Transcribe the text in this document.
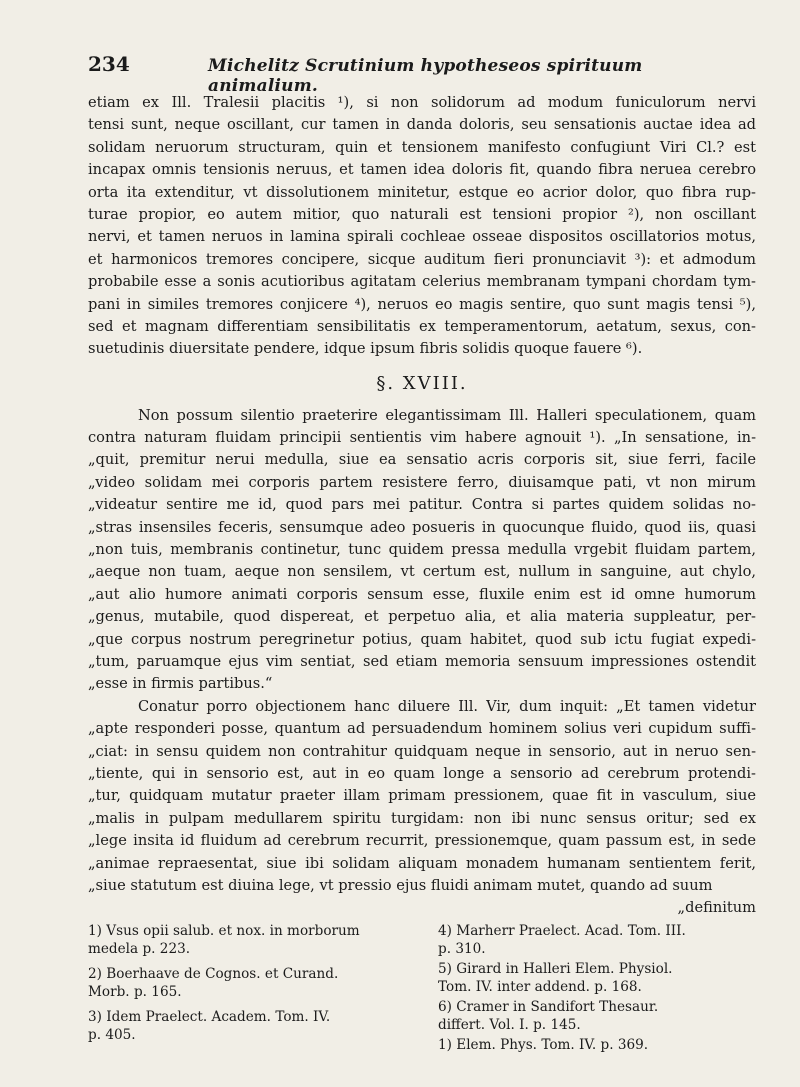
234	Michelitz Scrutinium hypotheseos spirituum animalium.
etiam ex Ill. Tralesii placitis ¹), si non solidorum ad modum funiculorum nervi
tensi sunt, neque oscillant, cur tamen in danda doloris, seu sensationis auctae idea ad
solidam neruorum structuram, quin et tensionem manifesto confugiunt Viri Cl.? est
incapax omnis tensionis neruus, et tamen idea doloris fit, quando fibra neruea cerebro
orta ita extenditur, vt dissolutionem minitetur, estque eo acrior dolor, quo fibra rup-
turae propior, eo autem mitior, quo naturali est tensioni propior ²), non oscillant
nervi, et tamen neruos in lamina spirali cochleae osseae dispositos oscillatorios motus,
et harmonicos tremores concipere, sicque auditum fieri pronunciavit ³): et admodum
probabile esse a sonis acutioribus agitatam celerius membranam tympani chordam tym-
pani in similes tremores conjicere ⁴), neruos eo magis sentire, quo sunt magis tensi ⁵),
sed et magnam differentiam sensibilitatis ex temperamentorum, aetatum, sexus, con-
suetudinis diuersitate pendere, idque ipsum fibris solidis quoque fauere ⁶).
§. XVIII.
Non possum silentio praeterire elegantissimam Ill. Halleri speculationem, quam
contra naturam fluidam principii sentientis vim habere agnouit ¹). „In sensatione, in-
„quit, premitur nerui medulla, siue ea sensatio acris corporis sit, siue ferri, facile
„video solidam mei corporis partem resistere ferro, diuisamque pati, vt non mirum
„videatur sentire me id, quod pars mei patitur. Contra si partes quidem solidas no-
„stras insensiles feceris, sensumque adeo posueris in quocunque fluido, quod iis, quasi
„non tuis, membranis continetur, tunc quidem pressa medulla vrgebit fluidam partem,
„aeque non tuam, aeque non sensilem, vt certum est, nullum in sanguine, aut chylo,
„aut alio humore animati corporis sensum esse, fluxile enim est id omne humorum
„genus, mutabile, quod dispereat, et perpetuo alia, et alia materia suppleatur, per-
„que corpus nostrum peregrinetur potius, quam habitet, quod sub ictu fugiat expedi-
„tum, paruamque ejus vim sentiat, sed etiam memoria sensuum impressiones ostendit
„esse in firmis partibus.“
Conatur porro objectionem hanc diluere Ill. Vir, dum inquit: „Et tamen videtur
„apte responderi posse, quantum ad persuadendum hominem solius veri cupidum suffi-
„ciat: in sensu quidem non contrahitur quidquam neque in sensorio, aut in neruo sen-
„tiente, qui in sensorio est, aut in eo quam longe a sensorio ad cerebrum protendi-
„tur, quidquam mutatur praeter illam primam pressionem, quae fit in vasculum, siue
„malis in pulpam medullarem spiritu turgidam: non ibi nunc sensus oritur; sed ex
„lege insita id fluidum ad cerebrum recurrit, pressionemque, quam passum est, in sede
„animae repraesentat, siue ibi solidam aliquam monadem humanam sentientem ferit,
„siue statutum est diuina lege, vt pressio ejus fluidi animam mutet, quando ad suum
„definitum
1) Vsus opii salub. et nox. in morborum
medela p. 223.
2) Boerhaave de Cognos. et Curand.
Morb. p. 165.
3) Idem Praelect. Academ. Tom. IV.
p. 405.
4) Marherr Praelect. Acad. Tom. III.
p. 310.
5) Girard in Halleri Elem. Physiol.
Tom. IV. inter addend. p. 168.
6) Cramer in Sandifort Thesaur.
differt. Vol. I. p. 145.
1) Elem. Phys. Tom. IV. p. 369.
